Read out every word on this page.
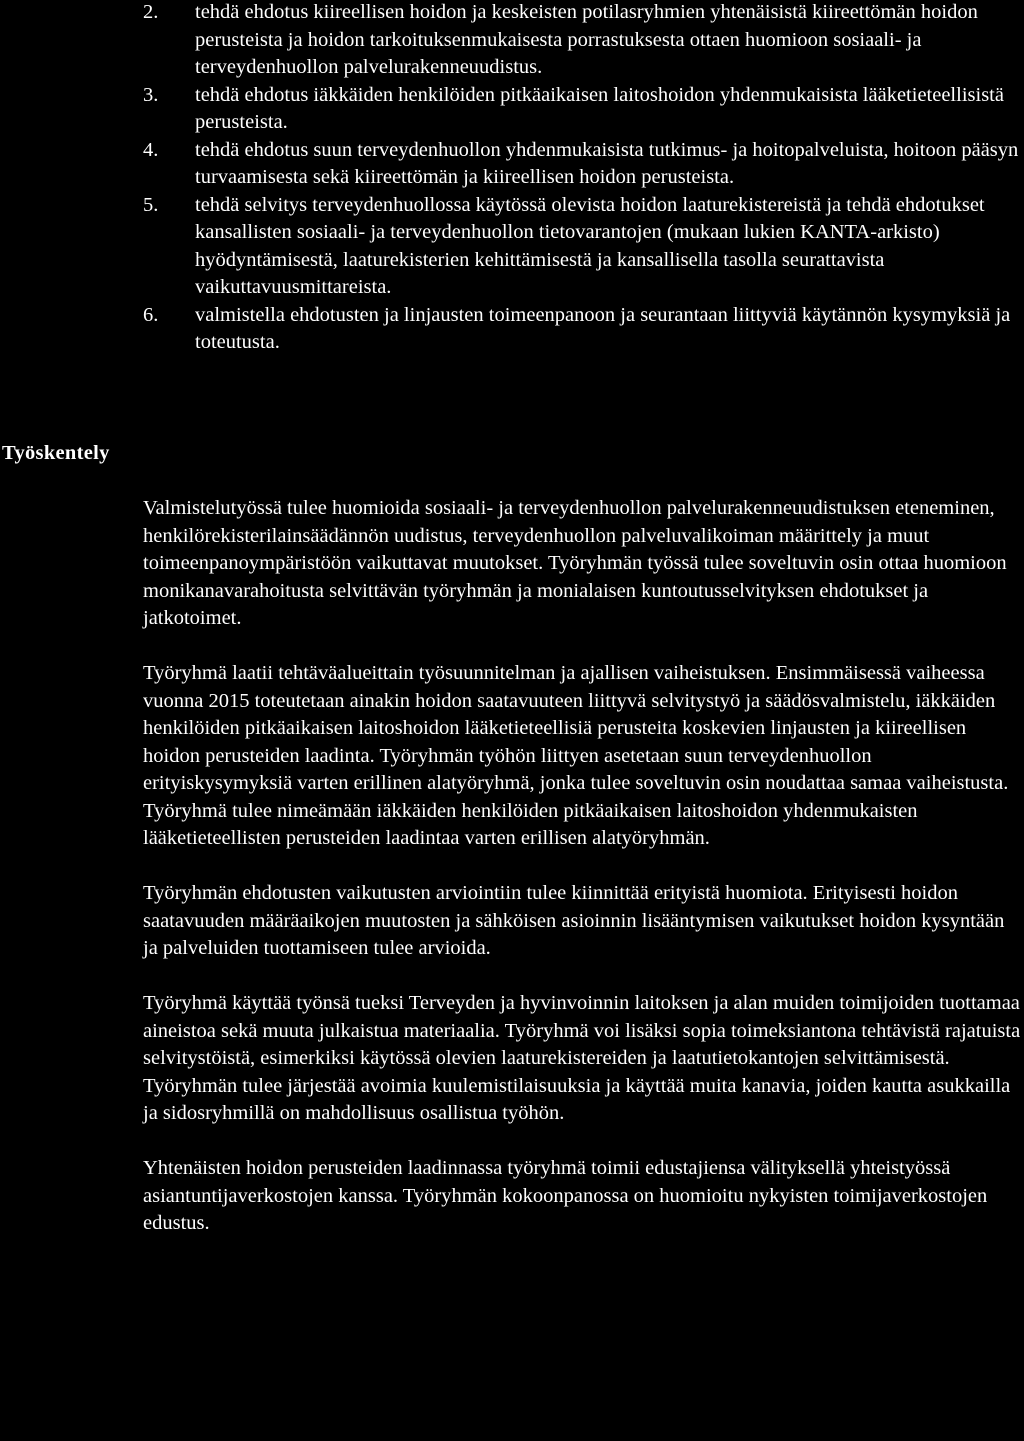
2. tehdä ehdotus kiireellisen hoidon ja keskeisten potilasryhmien yhtenäisistä kiireettömän hoidon perusteista ja hoidon tarkoituksenmukaisesta porrastuksesta ottaen huomioon sosiaali- ja terveydenhuollon palvelurakenneuudistus.
3. tehdä ehdotus iäkkäiden henkilöiden pitkäaikaisen laitoshoidon yhdenmukaisista lääketieteellisistä perusteista.
4. tehdä ehdotus suun terveydenhuollon yhdenmukaisista tutkimus- ja hoitopalveluista, hoitoon pääsyn turvaamisesta sekä kiireettömän ja kiireellisen hoidon perusteista.
5. tehdä selvitys terveydenhuollossa käytössä olevista hoidon laaturekistereistä ja tehdä ehdotukset kansallisten sosiaali- ja terveydenhuollon tietovarantojen (mukaan lukien KANTA-arkisto) hyödyntämisestä, laaturekisterien kehittämisestä ja kansallisella tasolla seurattavista vaikuttavuusmittareista.
6. valmistella ehdotusten ja linjausten toimeenpanoon ja seurantaan liittyviä käytännön kysymyksiä ja toteutusta.
Työskentely

Valmistelutyössä tulee huomioida sosiaali- ja terveydenhuollon palvelurakenneuudistuksen eteneminen, henkilörekisterilainsäädännön uudistus, terveydenhuollon palveluvalikoiman määrittely ja muut toimeenpanoympäristöön vaikuttavat muutokset. Työryhmän työssä tulee soveltuvin osin ottaa huomioon monikanavarahoitusta selvittävän työryhmän ja monialaisen kuntoutusselvityksen ehdotukset ja jatkotoimet.

Työryhmä laatii tehtäväalueittain työsuunnitelman ja ajallisen vaiheistuksen. Ensimmäisessä vaiheessa vuonna 2015 toteutetaan ainakin hoidon saatavuuteen liittyvä selvitystyö ja säädösvalmistelu, iäkkäiden henkilöiden pitkäaikaisen laitoshoidon lääketieteellisiä perusteita koskevien linjausten ja kiireellisen hoidon perusteiden laadinta. Työryhmän työhön liittyen asetetaan suun terveydenhuollon erityiskysymyksiä varten erillinen alatyöryhmä, jonka tulee soveltuvin osin noudattaa samaa vaiheistusta. Työryhmä tulee nimeämään iäkkäiden henkilöiden pitkäaikaisen laitoshoidon yhdenmukaisten lääketieteellisten perusteiden laadintaa varten erillisen alatyöryhmän.

Työryhmän ehdotusten vaikutusten arviointiin tulee kiinnittää erityistä huomiota. Erityisesti hoidon saatavuuden määräaikojen muutosten ja sähköisen asioinnin lisääntymisen vaikutukset hoidon kysyntään ja palveluiden tuottamiseen tulee arvioida.

Työryhmä käyttää työnsä tueksi Terveyden ja hyvinvoinnin laitoksen ja alan muiden toimijoiden tuottamaa aineistoa sekä muuta julkaistua materiaalia. Työryhmä voi lisäksi sopia toimeksiantona tehtävistä rajatuista selvitystöistä, esimerkiksi käytössä olevien laaturekistereiden ja laatutietokantojen selvittämisestä. Työryhmän tulee järjestää avoimia kuulemistilaisuuksia ja käyttää muita kanavia, joiden kautta asukkailla ja sidosryhmillä on mahdollisuus osallistua työhön.

Yhtenäisten hoidon perusteiden laadinnassa työryhmä toimii edustajiensa välityksellä yhteistyössä asiantuntijaverkostojen kanssa. Työryhmän kokoonpanossa on huomioitu nykyisten toimijaverkostojen edustus.
